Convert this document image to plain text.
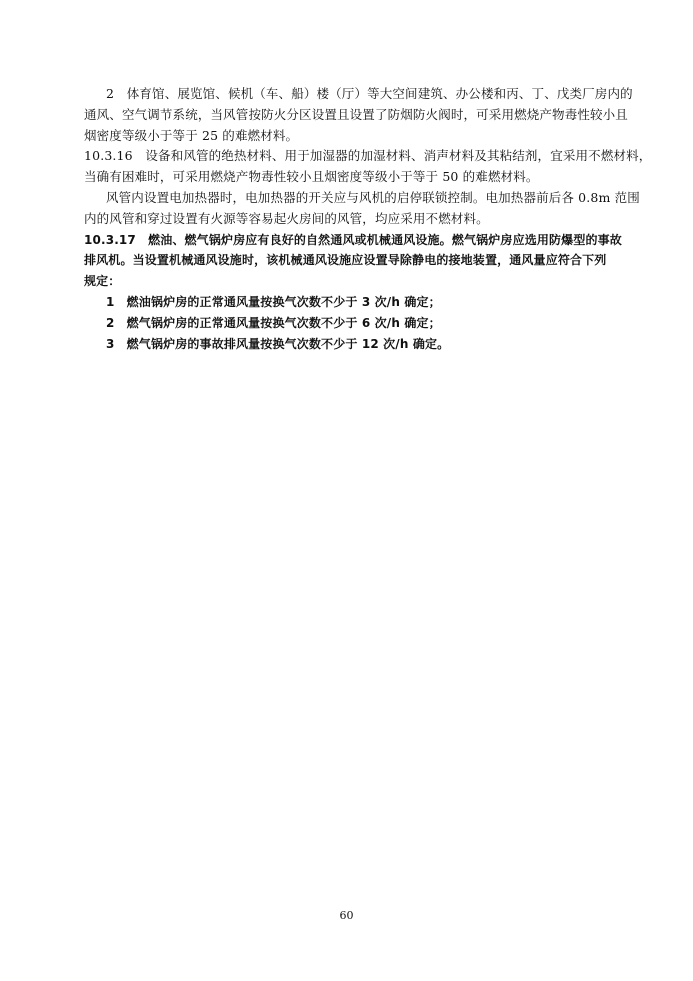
2　体育馆、展览馆、候机（车、船）楼（厅）等大空间建筑、办公楼和丙、丁、戊类厂房内的
通风、空气调节系统，当风管按防火分区设置且设置了防烟防火阀时，可采用燃烧产物毒性较小且
烟密度等级小于等于 25 的难燃材料。
10.3.16　设备和风管的绝热材料、用于加湿器的加湿材料、消声材料及其粘结剂，宜采用不燃材料，
当确有困难时，可采用燃烧产物毒性较小且烟密度等级小于等于 50 的难燃材料。
风管内设置电加热器时，电加热器的开关应与风机的启停联锁控制。电加热器前后各 0.8m 范围
内的风管和穿过设置有火源等容易起火房间的风管，均应采用不燃材料。
10.3.17　燃油、燃气锅炉房应有良好的自然通风或机械通风设施。燃气锅炉房应选用防爆型的事故
排风机。当设置机械通风设施时，该机械通风设施应设置导除静电的接地装置，通风量应符合下列
规定：
1　燃油锅炉房的正常通风量按换气次数不少于 3 次/h 确定；
2　燃气锅炉房的正常通风量按换气次数不少于 6 次/h 确定；
3　燃气锅炉房的事故排风量按换气次数不少于 12 次/h 确定。
60
